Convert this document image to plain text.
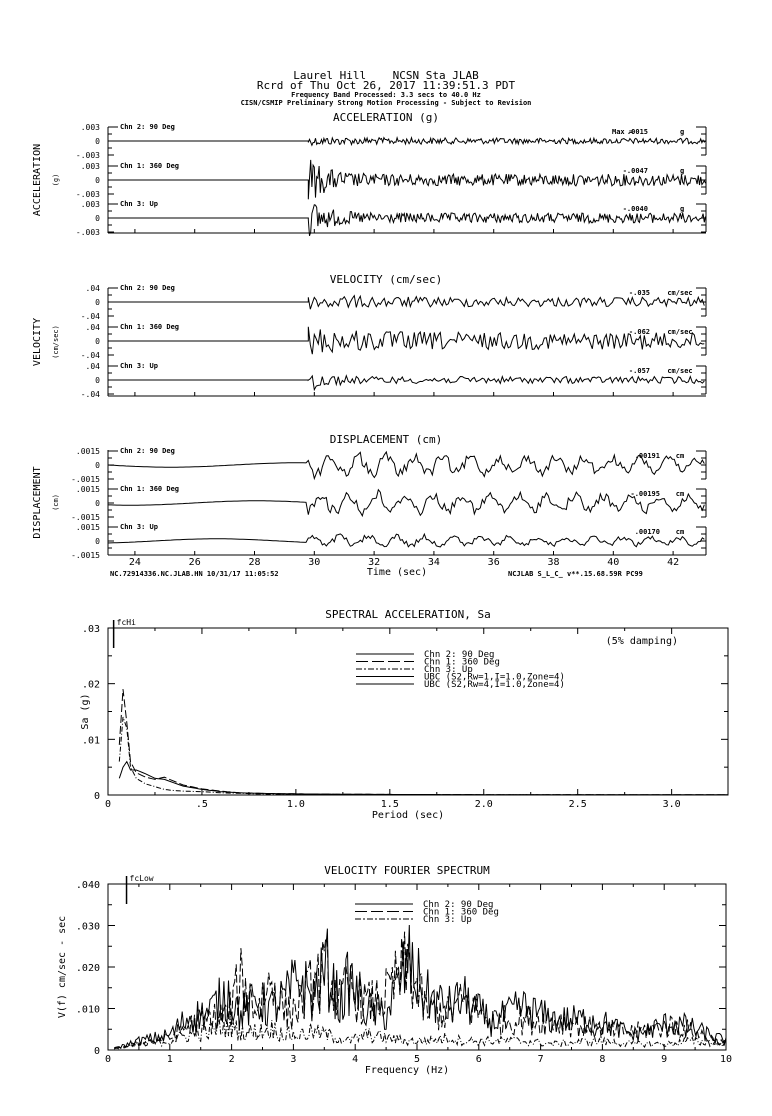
Laurel Hill    NCSN Sta JLAB
Rcrd of Thu Oct 26, 2017 11:39:51.3 PDT
Frequency Band Processed: 3.3 secs to 40.0 Hz
CISN/CSMIP Preliminary Strong Motion Processing - Subject to Revision
ACCELERATION (g)
ACCELERATION (g)
.003
0
-.003
Chn 2: 90 Deg
Max =
.0015	g
.003
0
-.003
Chn 1: 360 Deg
-.0047	g
.003
0
-.003
Chn 3: Up
-.0040	g
VELOCITY (cm/sec)
VELOCITY (cm/sec)
.04
0
-.04
Chn 2: 90 Deg
-.035 cm/sec
.04
0
-.04
Chn 1: 360 Deg
-.062 cm/sec
.04
0
-.04
Chn 3: Up
-.057 cm/sec
DISPLACEMENT (cm)
DISPLACEMENT (cm)
.0015
0
-.0015
Chn 2: 90 Deg
.00191 cm
.0015
0
-.0015
Chn 1: 360 Deg
-.00195 cm
.0015
0
-.0015
Chn 3: Up
.00170 cm
24	26	28	30	32	34	36	38	40	42
Time (sec)
NC.72914336.NC.JLAB.HN 10/31/17 11:05:52	NCJLAB S_L_C_ v**.15.68.59R PC99
SPECTRAL ACCELERATION, Sa
0	.5	1.0	1.5	2.0	2.5	3.0
.03
.02
.01
0
Period (sec)
Sa (g)
fcHi
(5% damping)
Chn 2: 90 Deg
Chn 1: 360 Deg
Chn 3: Up
UBC (S2,Rw=1,I=1.0,Zone=4)
UBC (S2,Rw=4,I=1.0,Zone=4)
VELOCITY FOURIER SPECTRUM
0	1	2	3	4	5	6	7	8	9	10
.040
.030
.020
.010
0
Frequency (Hz)
V(f) cm/sec - sec
fcLow
Chn 2: 90 Deg
Chn 1: 360 Deg
Chn 3: Up
